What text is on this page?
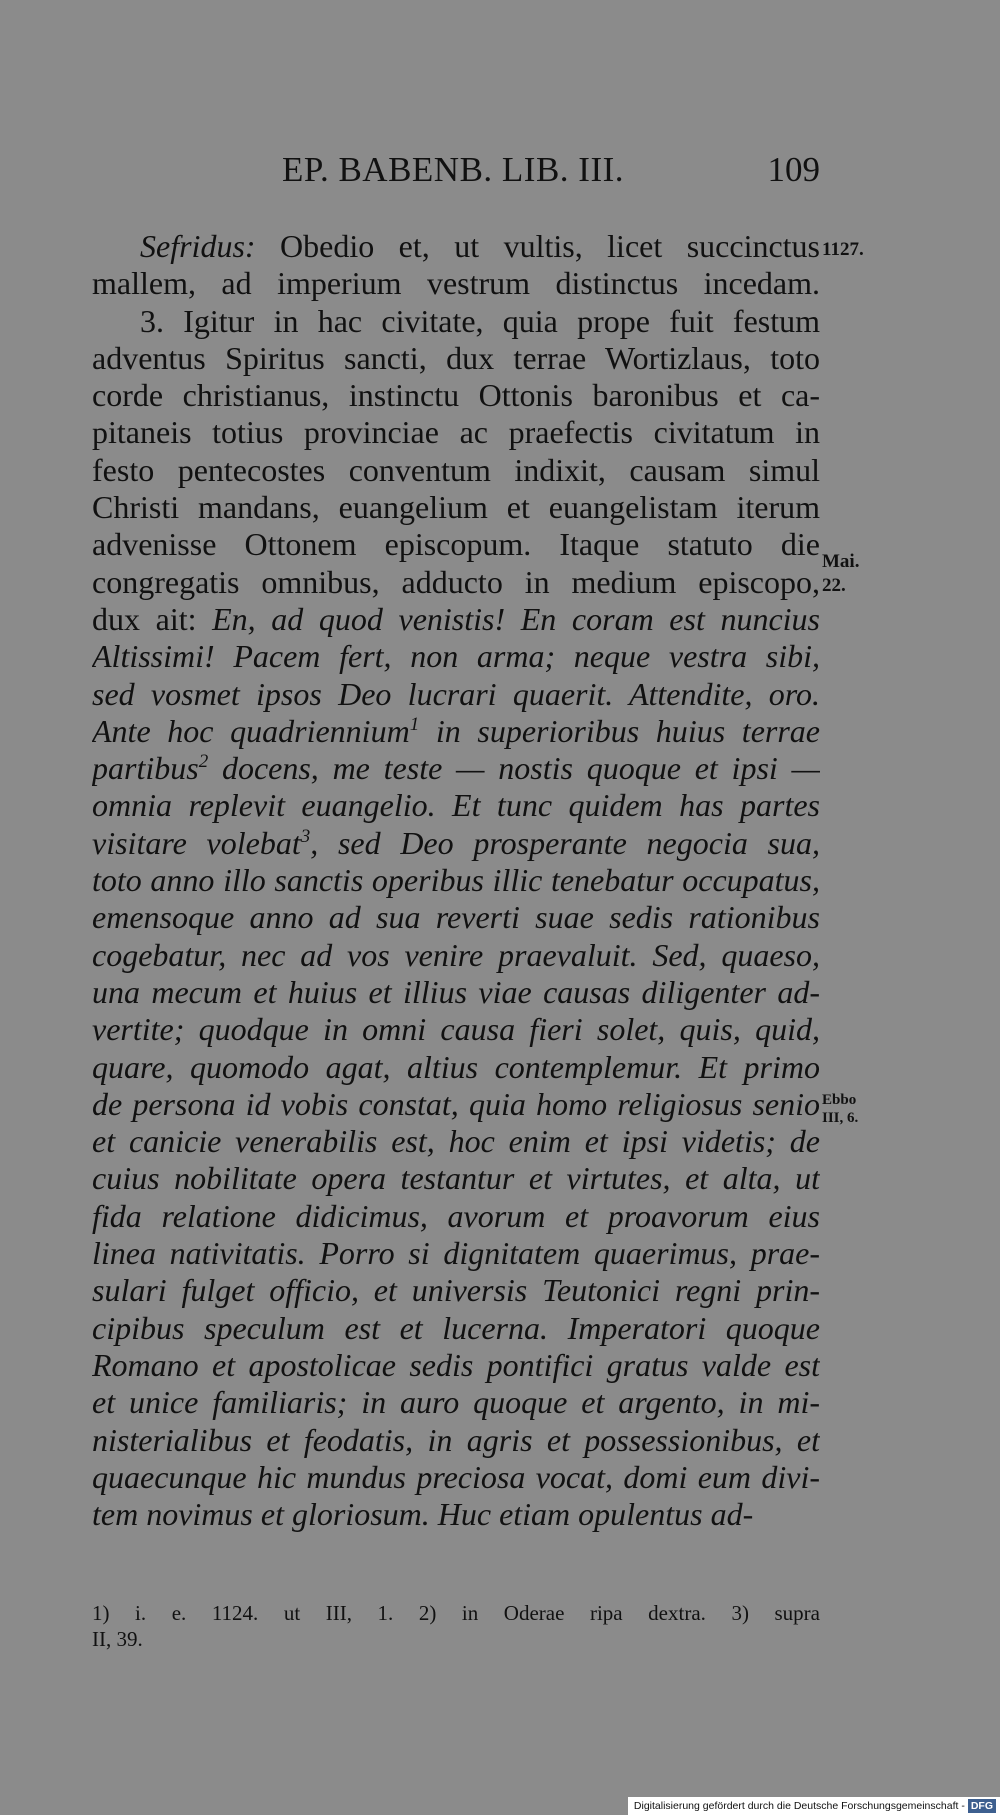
EP. BABENB. LIB. III.	109
Sefridus: Obedio et, ut vultis, licet succinctus
mallem, ad imperium vestrum distinctus incedam.
3. Igitur in hac civitate, quia prope fuit festum
adventus Spiritus sancti, dux terrae Wortizlaus, toto
corde christianus, instinctu Ottonis baronibus et ca-
pitaneis totius provinciae ac praefectis civitatum in
festo pentecostes conventum indixit, causam simul
Christi mandans, euangelium et euangelistam iterum
advenisse Ottonem episcopum. Itaque statuto die
congregatis omnibus, adducto in medium episcopo,
dux ait: En, ad quod venistis! En coram est nuncius
Altissimi! Pacem fert, non arma; neque vestra sibi,
sed vosmet ipsos Deo lucrari quaerit. Attendite, oro.
Ante hoc quadriennium$^1$ in superioribus huius terrae
partibus$^2$ docens, me teste — nostis quoque et ipsi —
omnia replevit euangelio. Et tunc quidem has partes
visitare volebat$^3$, sed Deo prosperante negocia sua,
toto anno illo sanctis operibus illic tenebatur occupatus,
emensoque anno ad sua reverti suae sedis rationibus
cogebatur, nec ad vos venire praevaluit. Sed, quaeso,
una mecum et huius et illius viae causas diligenter ad-
vertite; quodque in omni causa fieri solet, quis, quid,
quare, quomodo agat, altius contemplemur. Et primo
de persona id vobis constat, quia homo religiosus senio
et canicie venerabilis est, hoc enim et ipsi videtis; de
cuius nobilitate opera testantur et virtutes, et alta, ut
fida relatione didicimus, avorum et proavorum eius
linea nativitatis. Porro si dignitatem quaerimus, prae-
sulari fulget officio, et universis Teutonici regni prin-
cipibus speculum est et lucerna. Imperatori quoque
Romano et apostolicae sedis pontifici gratus valde est
et unice familiaris; in auro quoque et argento, in mi-
nisterialibus et feodatis, in agris et possessionibus, et
quaecunque hic mundus preciosa vocat, domi eum divi-
tem novimus et gloriosum. Huc etiam opulentus ad-
1127.
Mai.
22.
Ebbo
III, 6.
1) i. e. 1124. ut III, 1. 2) in Oderae ripa dextra. 3) supra
II, 39.
Digitalisierung gefördert durch die Deutsche Forschungsgemeinschaft - DFG
